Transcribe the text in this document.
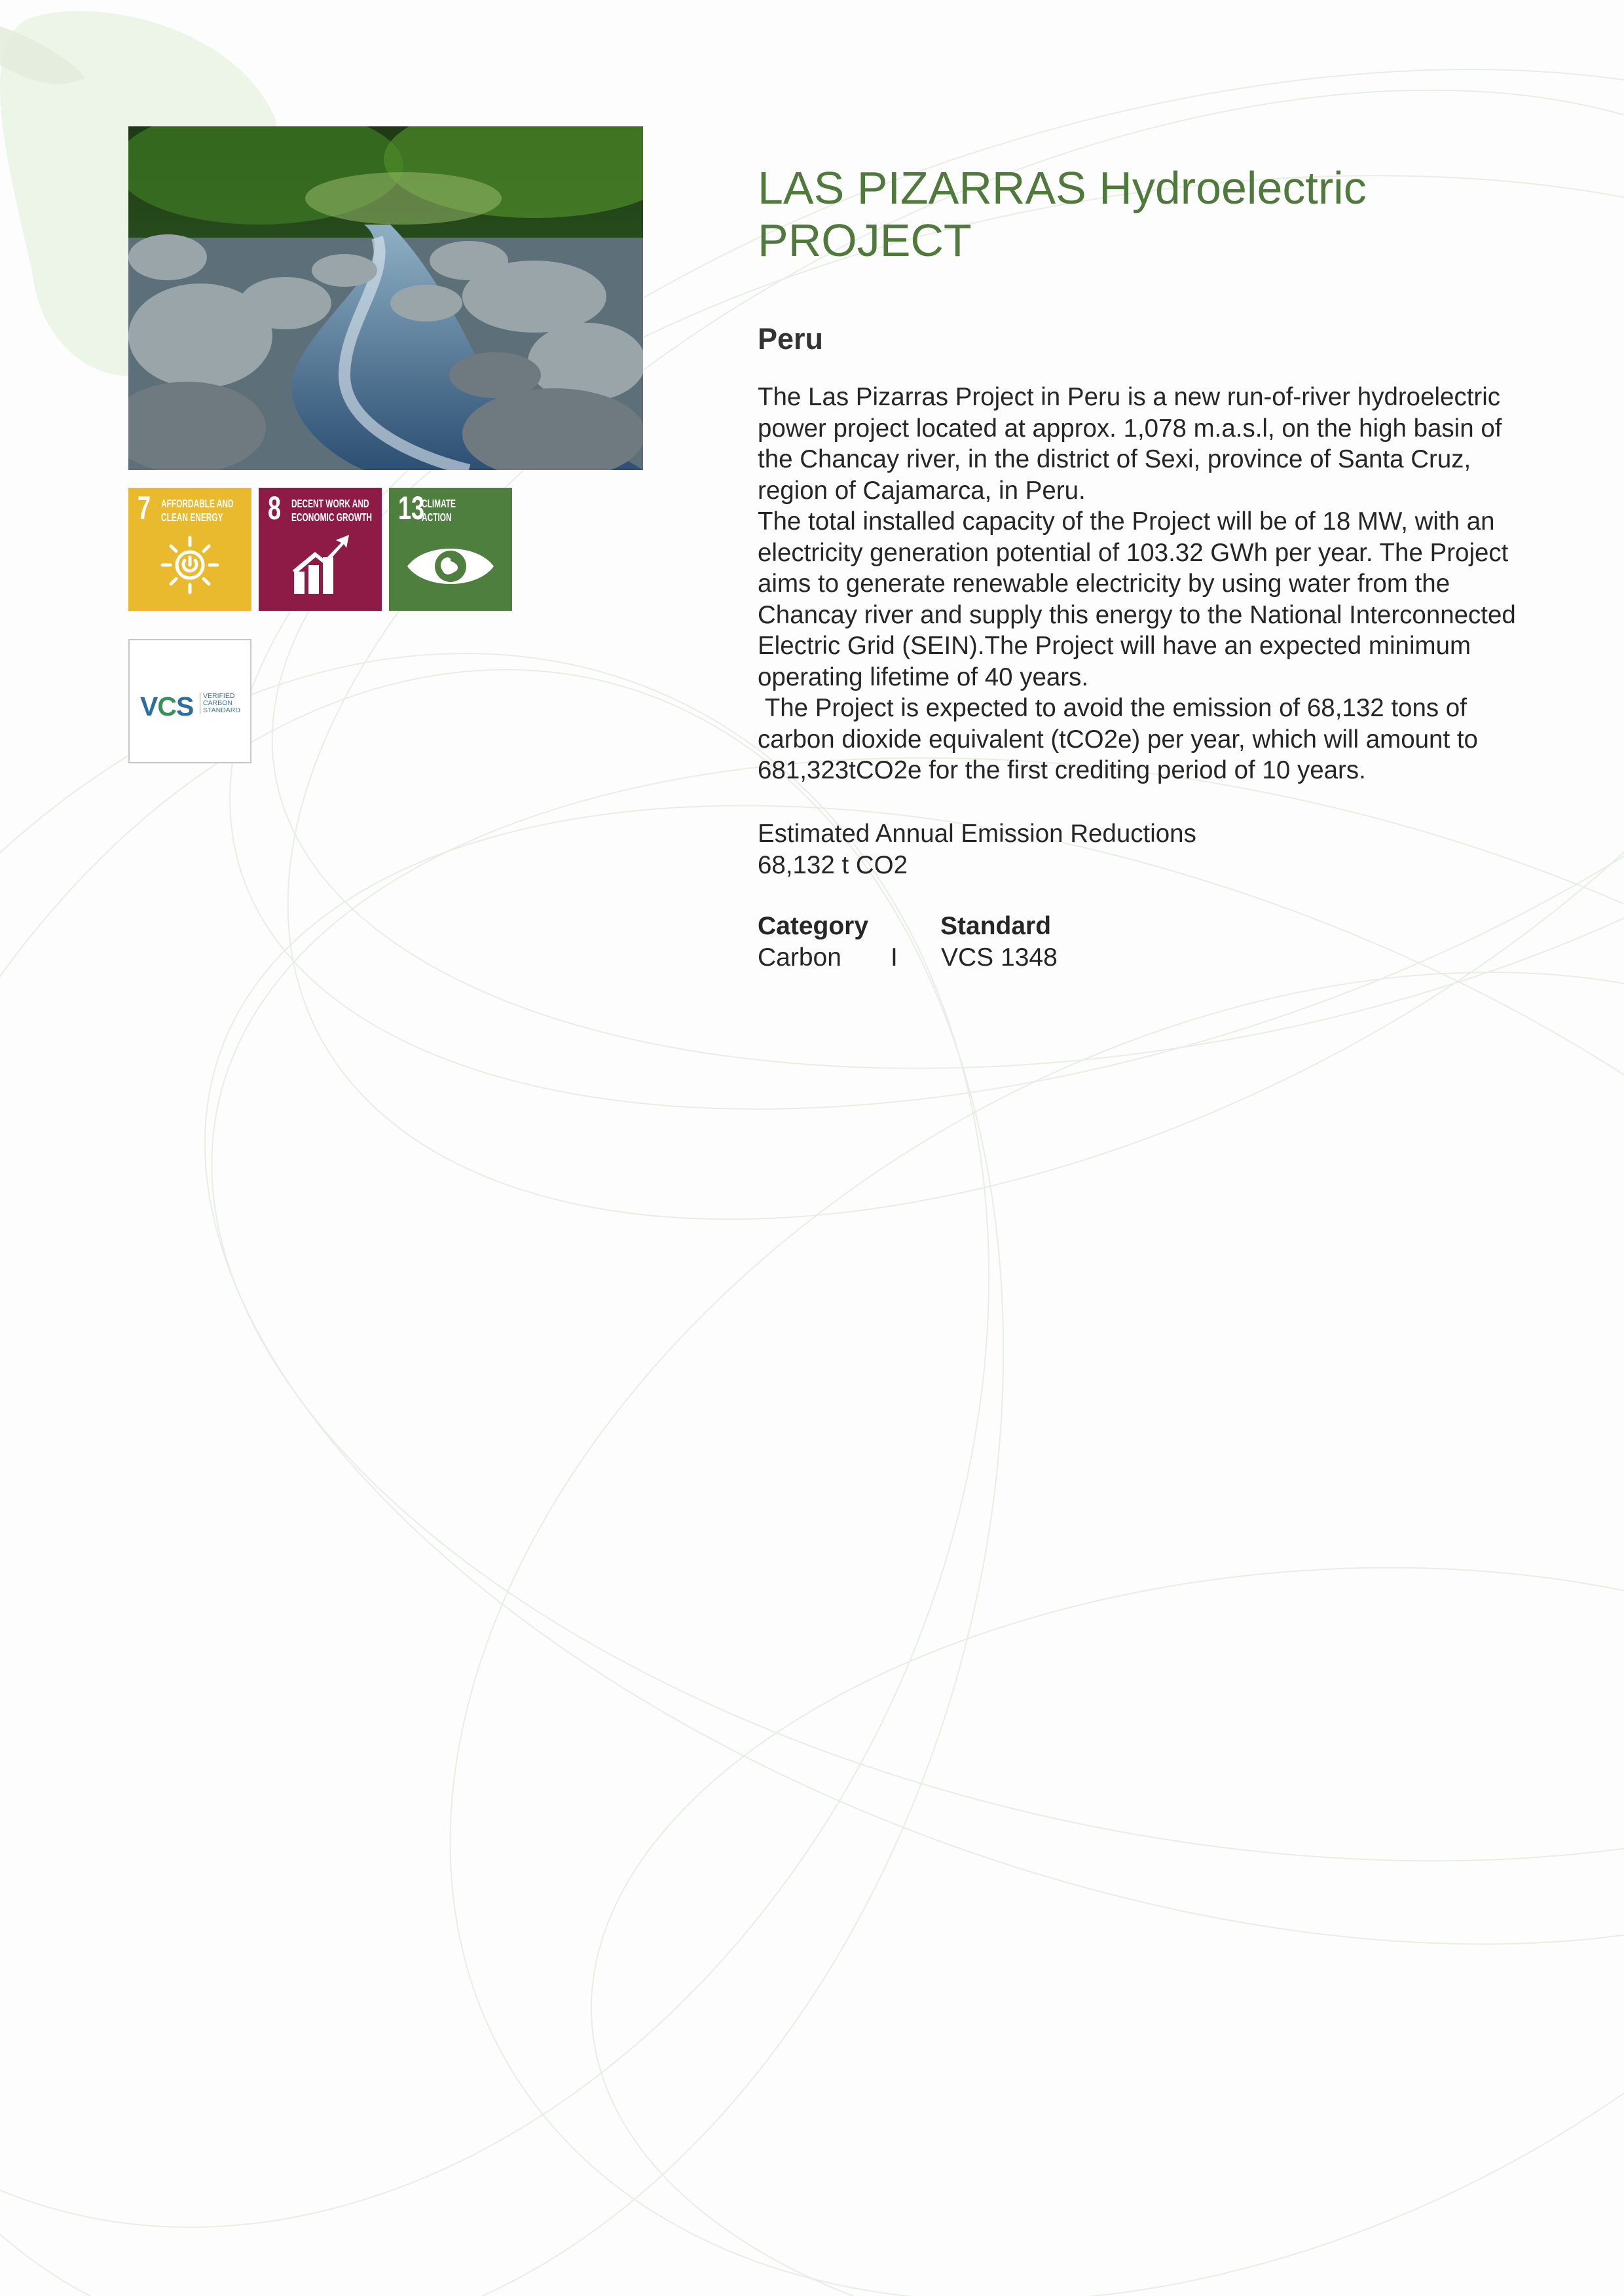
7 AFFORDABLE AND
CLEAN ENERGY	8 DECENT WORK AND
ECONOMIC GROWTH 13
CLIMATE
ACTION
VCS	VERIFIED
CARBON
STANDARD
LAS PIZARRAS Hydroelectric
PROJECT
Peru

The Las Pizarras Project in Peru is a new run-of-river hydroelectric power project located at approx. 1,078 m.a.s.l, on the high basin of the Chancay river, in the district of Sexi, province of Santa Cruz, region of Cajamarca, in Peru.

The total installed capacity of the Project will be of 18 MW, with an electricity generation potential of 103.32 GWh per year. The Project aims to generate renewable electricity by using water from the Chancay river and supply this energy to the National Interconnected Electric Grid (SEIN).The Project will have an expected minimum operating lifetime of 40 years.

The Project is expected to avoid the emission of 68,132 tons of carbon dioxide equivalent (tCO2e) per year, which will amount to 681,323tCO2e for the first crediting period of 10 years.

Estimated Annual Emission Reductions
68,132 t CO2
Category	Standard
Carbon I VCS 1348
